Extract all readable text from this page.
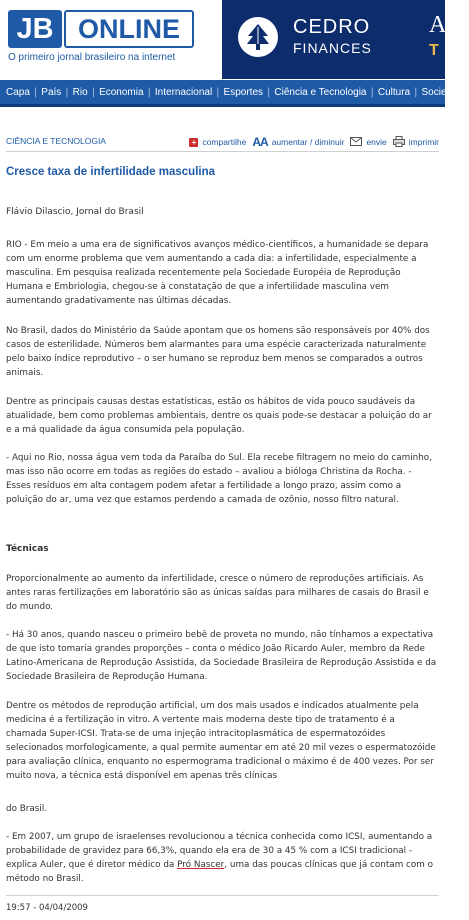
JB ONLINE
O primeiro jornal brasileiro na internet
CEDRO
FINANCES
A
T
Capa | País | Rio | Economia | Internacional | Esportes | Ciência e Tecnologia | Cultura | Sociedade
CIÊNCIA E TECNOLOGIA	+ compartilhe AA aumentar / diminuir	envie	imprimir
Cresce taxa de infertilidade masculina
Flávio Dilascio, Jornal do Brasil

RIO - Em meio a uma era de significativos avanços médico-científicos, a humanidade se depara com um enorme problema que vem aumentando a cada dia: a infertilidade, especialmente a masculina. Em pesquisa realizada recentemente pela Sociedade Européia de Reprodução Humana e Embriologia, chegou-se à constatação de que a infertilidade masculina vem aumentando gradativamente nas últimas décadas.

No Brasil, dados do Ministério da Saúde apontam que os homens são responsáveis por 40% dos casos de esterilidade. Números bem alarmantes para uma espécie caracterizada naturalmente pelo baixo índice reprodutivo – o ser humano se reproduz bem menos se comparados a outros animais.

Dentre as principais causas destas estatísticas, estão os hábitos de vida pouco saudáveis da atualidade, bem como problemas ambientais, dentre os quais pode-se destacar a poluição do ar e a má qualidade da água consumida pela população.

- Aqui no Rio, nossa água vem toda da Paraíba do Sul. Ela recebe filtragem no meio do caminho, mas isso não ocorre em todas as regiões do estado – avaliou a bióloga Christina da Rocha. - Esses resíduos em alta contagem podem afetar a fertilidade a longo prazo, assim como a poluição do ar, uma vez que estamos perdendo a camada de ozônio, nosso filtro natural.

Técnicas

Proporcionalmente ao aumento da infertilidade, cresce o número de reproduções artificiais. As antes raras fertilizações em laboratório são as únicas saídas para milhares de casais do Brasil e do mundo.

- Há 30 anos, quando nasceu o primeiro bebê de proveta no mundo, não tínhamos a expectativa de que isto tomaria grandes proporções – conta o médico João Ricardo Auler, membro da Rede Latino-Americana de Reprodução Assistida, da Sociedade Brasileira de Reprodução Assistida e da Sociedade Brasileira de Reprodução Humana.

Dentre os métodos de reprodução artificial, um dos mais usados e indicados atualmente pela medicina é a fertilização in vitro. A vertente mais moderna deste tipo de tratamento é a chamada Super-ICSI. Trata-se de uma injeção intracitoplasmática de espermatozóides selecionados morfologicamente, a qual permite aumentar em até 20 mil vezes o espermatozóide para avaliação clínica, enquanto no espermograma tradicional o máximo é de 400 vezes. Por ser muito nova, a técnica está disponível em apenas três clínicas

do Brasil.

- Em 2007, um grupo de israelenses revolucionou a técnica conhecida como ICSI, aumentando a probabilidade de gravidez para 66,3%, quando ela era de 30 a 45 % com a ICSI tradicional - explica Auler, que é diretor médico da Pró Nascer, uma das poucas clínicas que já contam com o método no Brasil.

19:57 - 04/04/2009
